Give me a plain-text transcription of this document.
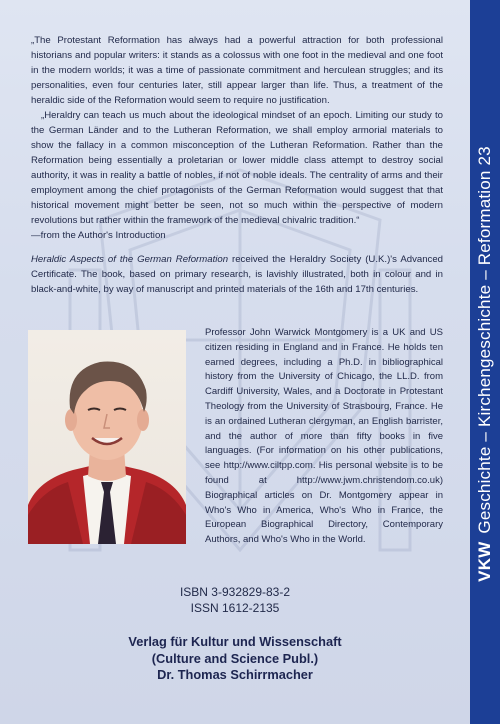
„The Protestant Reformation has always had a powerful attraction for both professional historians and popular writers: it stands as a colossus with one foot in the medieval and one foot in the modern worlds; it was a time of passionate commitment and herculean struggles; and its personalities, even four centuries later, still appear larger than life. Thus, a treatment of the heraldic side of the Reformation would seem to require no justification.

„Heraldry can teach us much about the ideological mindset of an epoch. Limiting our study to the German Länder and to the Lutheran Reformation, we shall employ armorial materials to show the fallacy in a common misconception of the Lutheran Reformation. Rather than the Reformation being essentially a proletarian or lower middle class attempt to destroy social authority, it was in reality a battle of nobles, if not of noble ideals. The centrality of arms and their employment among the chief protagonists of the German Reformation would suggest that that historical movement might better be seen, not so much within the perspective of modern revolutions but rather within the framework of the medieval chivalric tradition.“

—from the Author's Introduction

Heraldic Aspects of the German Reformation received the Heraldry Society (U.K.)'s Advanced Certificate. The book, based on primary research, is lavishly illustrated, both in colour and in black-and-white, by way of manuscript and printed materials of the 16th and 17th centuries.

Professor John Warwick Montgomery is a UK and US citizen residing in England and in France. He holds ten earned degrees, including a Ph.D. in bibliographical history from the University of Chicago, the LL.D. from Cardiff University, Wales, and a Doctorate in Protestant Theology from the University of Strasbourg, France. He is an ordained Lutheran clergyman, an English barrister, and the author of more than fifty books in five languages. (For information on his other publications, see http://www.ciltpp.com. His personal website is to be found at http://www.jwm.christendom.co.uk) Biographical articles on Dr. Montgomery appear in Who's Who in America, Who's Who in France, the European Biographical Directory, Contemporary Authors, and Who's Who in the World.

ISBN 3-932829-83-2
ISSN 1612-2135
Verlag für Kultur und Wissenschaft
(Culture and Science Publ.)
Dr. Thomas Schirrmacher
VKWGeschichte – Kirchengeschichte – Reformation 23
